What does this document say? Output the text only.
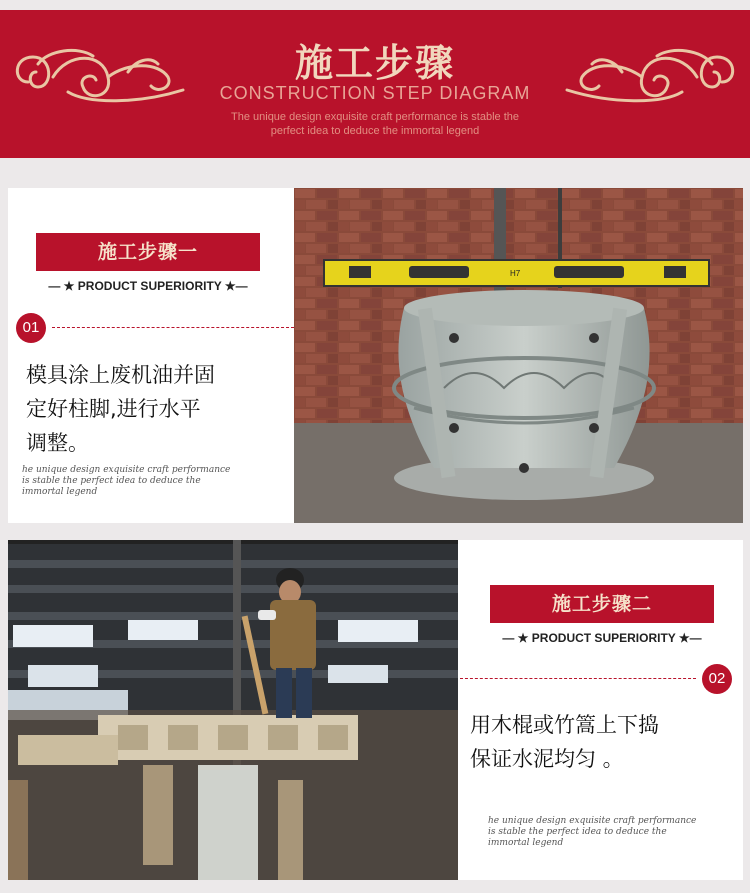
施工步骤
CONSTRUCTION STEP DIAGRAM
The unique design exquisite craft performance is stable the
perfect idea to deduce the immortal legend
施工步骤一
— ★ PRODUCT SUPERIORITY ★—
01
模具涂上废机油并固
定好柱脚,进行水平
调整。
he unique design exquisite craft performance
is stable the perfect idea to deduce the
immortal legend
H7
施工步骤二
— ★ PRODUCT SUPERIORITY ★—
02
用木棍或竹篙上下捣
保证水泥均匀 。
he unique design exquisite craft performance
is stable the perfect idea to deduce the
immortal legend
